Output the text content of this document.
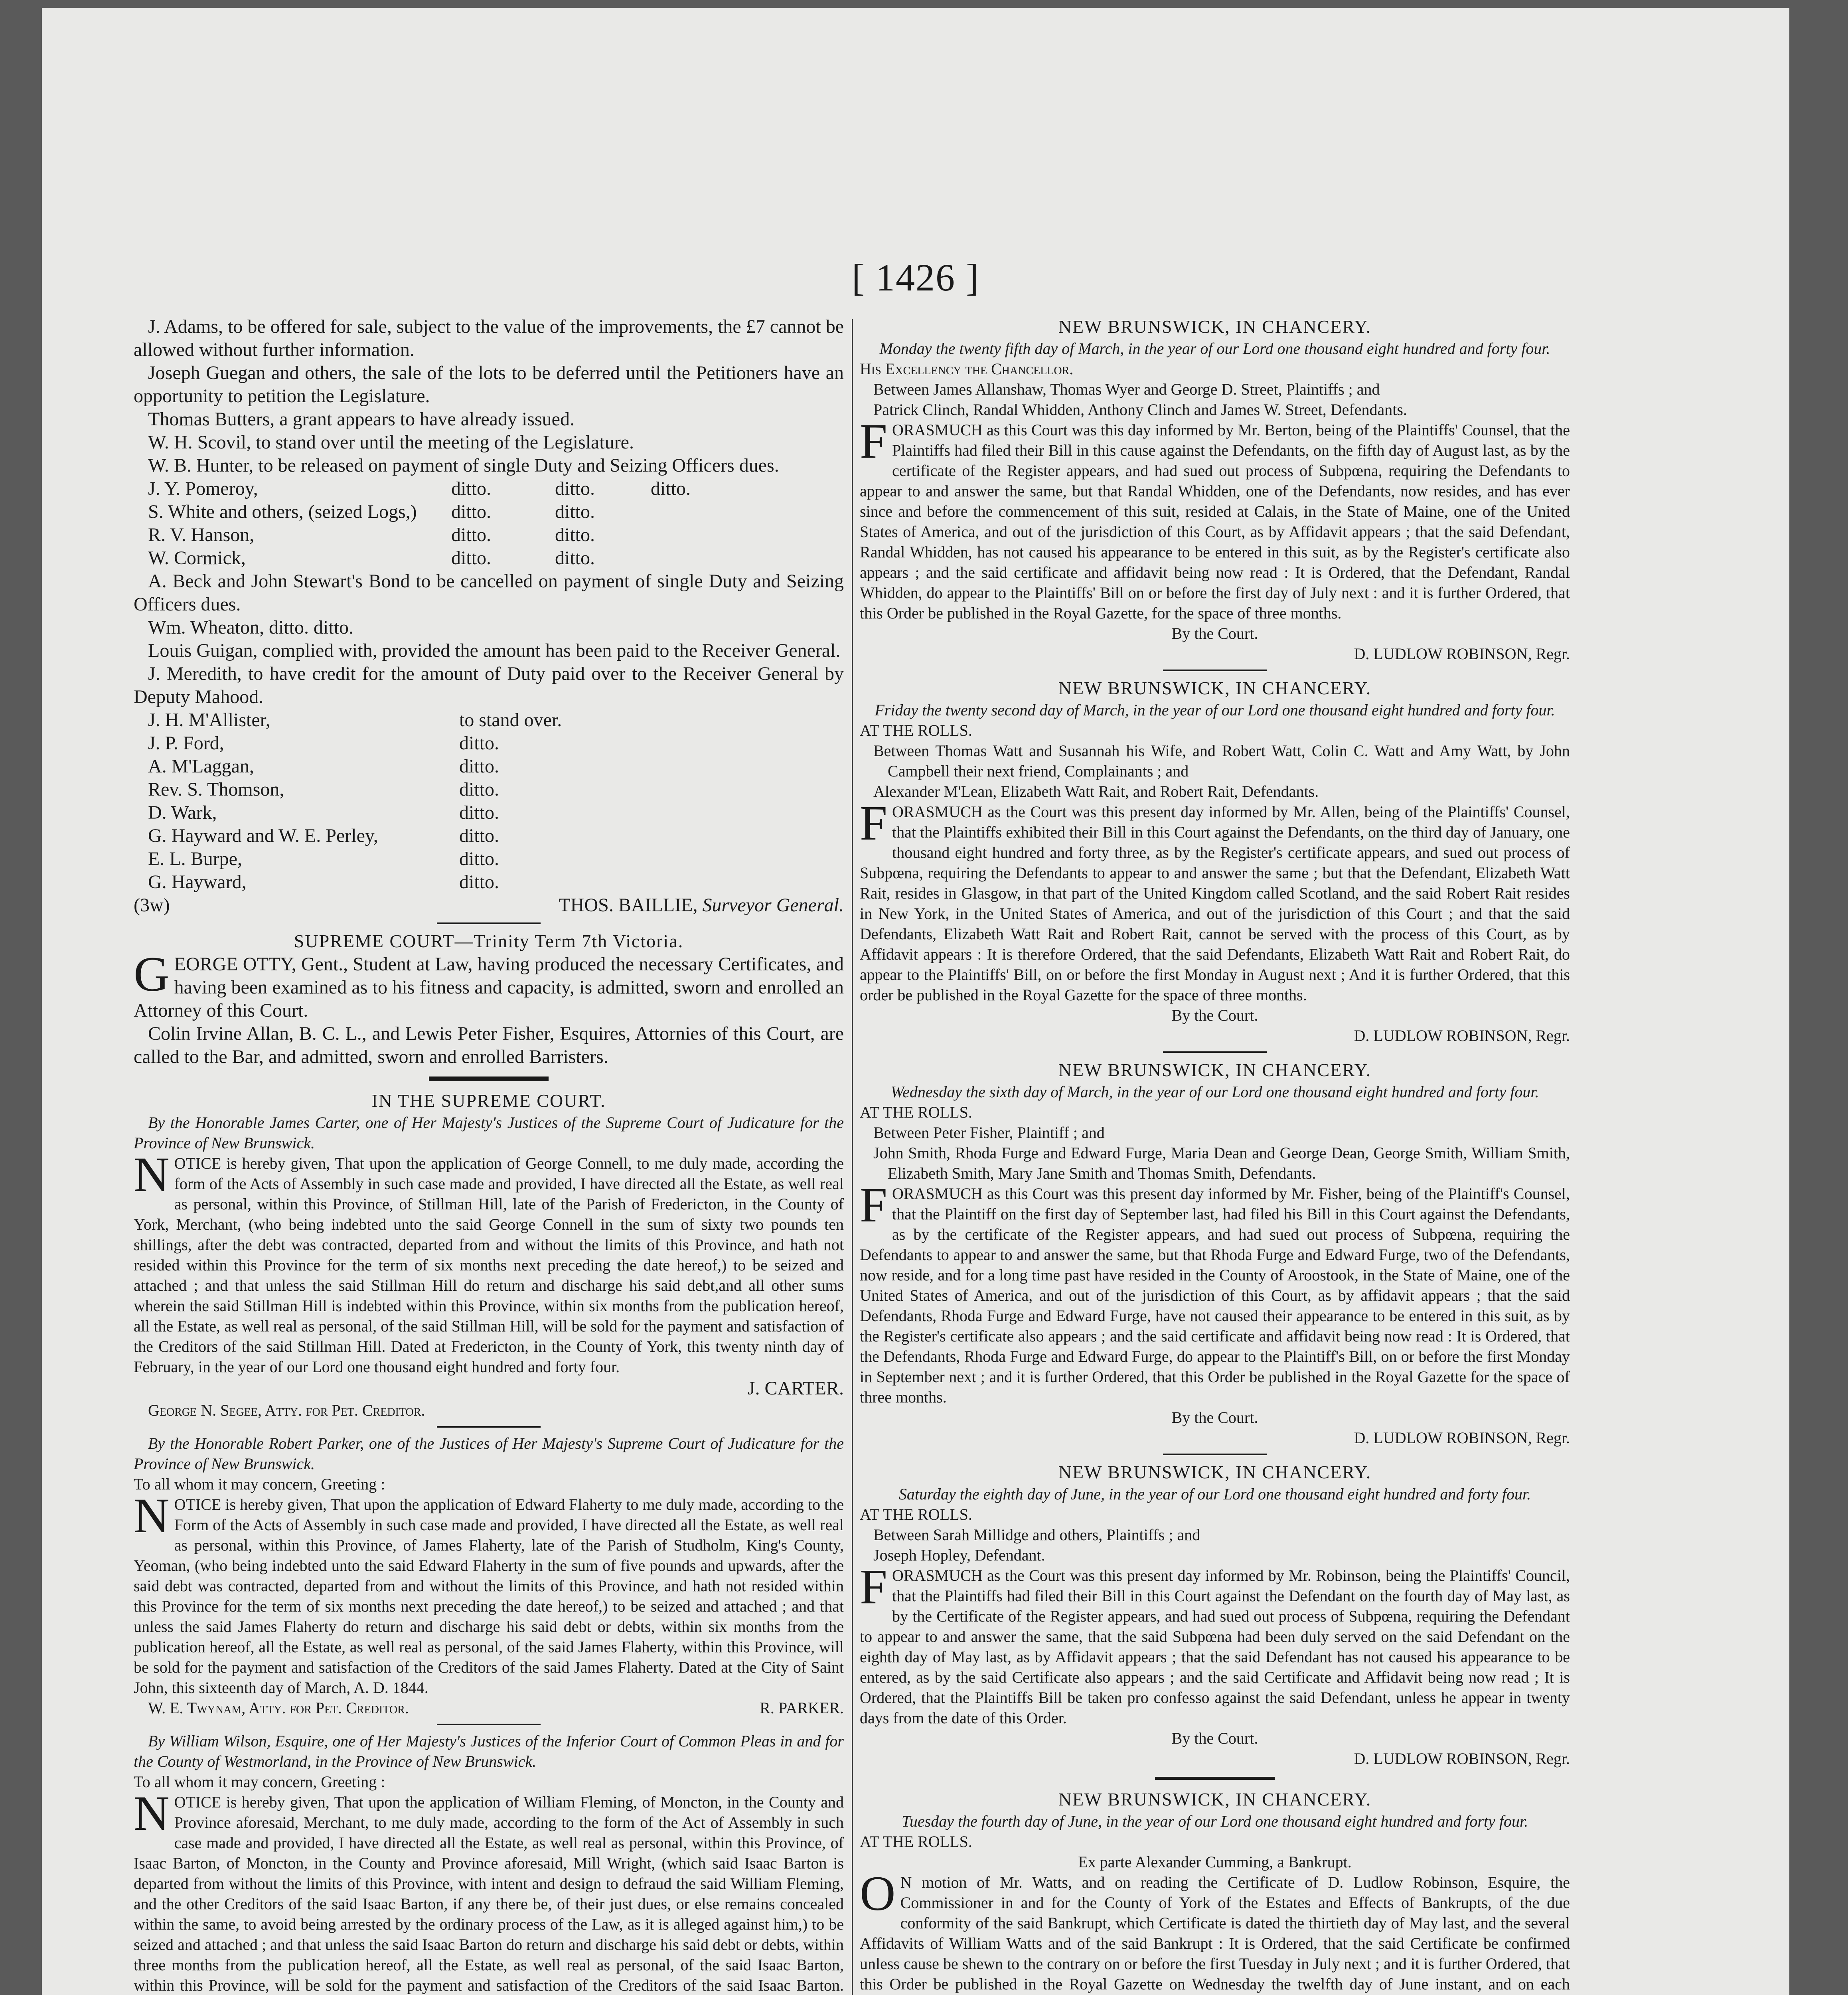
[ 1426 ]

J. Adams, to be offered for sale, subject to the value of the improvements, the £7 cannot be allowed without further information.

Joseph Guegan and others, the sale of the lots to be deferred until the Petitioners have an opportunity to petition the Legislature.

Thomas Butters, a grant appears to have already issued.

W. H. Scovil, to stand over until the meeting of the Legislature.

W. B. Hunter, to be released on payment of single Duty and Seizing Officers dues.

J. Y. Pomeroy,	ditto.	ditto.	ditto.
S. White and others, (seized Logs,)	ditto.	ditto.
R. V. Hanson,	ditto.	ditto.
W. Cormick,	ditto.	ditto.

A. Beck and John Stewart's Bond to be cancelled on payment of single Duty and Seizing Officers dues.

Wm. Wheaton, ditto. ditto.

Louis Guigan, complied with, provided the amount has been paid to the Receiver General.

J. Meredith, to have credit for the amount of Duty paid over to the Receiver General by Deputy Mahood.

J. H. M'Allister,	to stand over.
J. P. Ford,	ditto.
A. M'Laggan,	ditto.
Rev. S. Thomson,	ditto.
D. Wark,	ditto.
G. Hayward and W. E. Perley,	ditto.
E. L. Burpe,	ditto.
G. Hayward,	ditto.
(3w)	THOS. BAILLIE, Surveyor General.

SUPREME COURT—Trinity Term 7th Victoria.

GEORGE OTTY, Gent., Student at Law, having produced the necessary Certificates, and having been examined as to his fitness and capacity, is admitted, sworn and enrolled an Attorney of this Court.

Colin Irvine Allan, B. C. L., and Lewis Peter Fisher, Esquires, Attornies of this Court, are called to the Bar, and admitted, sworn and enrolled Barristers.

IN THE SUPREME COURT.

By the Honorable James Carter, one of Her Majesty's Justices of the Supreme Court of Judicature for the Province of New Brunswick.

NOTICE is hereby given, That upon the application of George Connell, to me duly made, according the form of the Acts of Assembly in such case made and provided, I have directed all the Estate, as well real as personal, within this Province, of Stillman Hill, late of the Parish of Fredericton, in the County of York, Merchant, (who being indebted unto the said George Connell in the sum of sixty two pounds ten shillings, after the debt was contracted, departed from and without the limits of this Province, and hath not resided within this Province for the term of six months next preceding the date hereof,) to be seized and attached ; and that unless the said Stillman Hill do return and discharge his said debt,and all other sums wherein the said Stillman Hill is indebted within this Province, within six months from the publication hereof, all the Estate, as well real as personal, of the said Stillman Hill, will be sold for the payment and satisfaction of the Creditors of the said Stillman Hill. Dated at Fredericton, in the County of York, this twenty ninth day of February, in the year of our Lord one thousand eight hundred and forty four.

J. CARTER.

George N. Segee, Atty. for Pet. Creditor.

By the Honorable Robert Parker, one of the Justices of Her Majesty's Supreme Court of Judicature for the Province of New Brunswick.

To all whom it may concern, Greeting :

NOTICE is hereby given, That upon the application of Edward Flaherty to me duly made, according to the Form of the Acts of Assembly in such case made and provided, I have directed all the Estate, as well real as personal, within this Province, of James Flaherty, late of the Parish of Studholm, King's County, Yeoman, (who being indebted unto the said Edward Flaherty in the sum of five pounds and upwards, after the said debt was contracted, departed from and without the limits of this Province, and hath not resided within this Province for the term of six months next preceding the date hereof,) to be seized and attached ; and that unless the said James Flaherty do return and discharge his said debt or debts, within six months from the publication hereof, all the Estate, as well real as personal, of the said James Flaherty, within this Province, will be sold for the payment and satisfaction of the Creditors of the said James Flaherty. Dated at the City of Saint John, this sixteenth day of March, A. D. 1844.

W. E. Twynam, Atty. for Pet. Creditor.	R. PARKER.

By William Wilson, Esquire, one of Her Majesty's Justices of the Inferior Court of Common Pleas in and for the County of Westmorland, in the Province of New Brunswick.

To all whom it may concern, Greeting :

NOTICE is hereby given, That upon the application of William Fleming, of Moncton, in the County and Province aforesaid, Merchant, to me duly made, according to the form of the Act of Assembly in such case made and provided, I have directed all the Estate, as well real as personal, within this Province, of Isaac Barton, of Moncton, in the County and Province aforesaid, Mill Wright, (which said Isaac Barton is departed from without the limits of this Province, with intent and design to defraud the said William Fleming, and the other Creditors of the said Isaac Barton, if any there be, of their just dues, or else remains concealed within the same, to avoid being arrested by the ordinary process of the Law, as it is alleged against him,) to be seized and attached ; and that unless the said Isaac Barton do return and discharge his said debt or debts, within three months from the publication hereof, all the Estate, as well real as personal, of the said Isaac Barton, within this Province, will be sold for the payment and satisfaction of the Creditors of the said Isaac Barton.

NEW BRUNSWICK, IN CHANCERY.

Monday the twenty fifth day of March, in the year of our Lord one thousand eight hundred and forty four.

His Excellency the Chancellor.

Between James Allanshaw, Thomas Wyer and George D. Street, Plaintiffs ; and

Patrick Clinch, Randal Whidden, Anthony Clinch and James W. Street, Defendants.

FORASMUCH as this Court was this day informed by Mr. Berton, being of the Plaintiffs' Counsel, that the Plaintiffs had filed their Bill in this cause against the Defendants, on the fifth day of August last, as by the certificate of the Register appears, and had sued out process of Subpœna, requiring the Defendants to appear to and answer the same, but that Randal Whidden, one of the Defendants, now resides, and has ever since and before the commencement of this suit, resided at Calais, in the State of Maine, one of the United States of America, and out of the jurisdiction of this Court, as by Affidavit appears ; that the said Defendant, Randal Whidden, has not caused his appearance to be entered in this suit, as by the Register's certificate also appears ; and the said certificate and affidavit being now read : It is Ordered, that the Defendant, Randal Whidden, do appear to the Plaintiffs' Bill on or before the first day of July next : and it is further Ordered, that this Order be published in the Royal Gazette, for the space of three months.

By the Court.

D. LUDLOW ROBINSON, Regr.

NEW BRUNSWICK, IN CHANCERY.

Friday the twenty second day of March, in the year of our Lord one thousand eight hundred and forty four.

AT THE ROLLS.

Between Thomas Watt and Susannah his Wife, and Robert Watt, Colin C. Watt and Amy Watt, by John Campbell their next friend, Complainants ; and

Alexander M'Lean, Elizabeth Watt Rait, and Robert Rait, Defendants.

FORASMUCH as the Court was this present day informed by Mr. Allen, being of the Plaintiffs' Counsel, that the Plaintiffs exhibited their Bill in this Court against the Defendants, on the third day of January, one thousand eight hundred and forty three, as by the Register's certificate appears, and sued out process of Subpœna, requiring the Defendants to appear to and answer the same ; but that the Defendant, Elizabeth Watt Rait, resides in Glasgow, in that part of the United Kingdom called Scotland, and the said Robert Rait resides in New York, in the United States of America, and out of the jurisdiction of this Court ; and that the said Defendants, Elizabeth Watt Rait and Robert Rait, cannot be served with the process of this Court, as by Affidavit appears : It is therefore Ordered, that the said Defendants, Elizabeth Watt Rait and Robert Rait, do appear to the Plaintiffs' Bill, on or before the first Monday in August next ; And it is further Ordered, that this order be published in the Royal Gazette for the space of three months.

By the Court.

D. LUDLOW ROBINSON, Regr.

NEW BRUNSWICK, IN CHANCERY.

Wednesday the sixth day of March, in the year of our Lord one thousand eight hundred and forty four.

AT THE ROLLS.

Between Peter Fisher, Plaintiff ; and

John Smith, Rhoda Furge and Edward Furge, Maria Dean and George Dean, George Smith, William Smith, Elizabeth Smith, Mary Jane Smith and Thomas Smith, Defendants.

FORASMUCH as this Court was this present day informed by Mr. Fisher, being of the Plaintiff's Counsel, that the Plaintiff on the first day of September last, had filed his Bill in this Court against the Defendants, as by the certificate of the Register appears, and had sued out process of Subpœna, requiring the Defendants to appear to and answer the same, but that Rhoda Furge and Edward Furge, two of the Defendants, now reside, and for a long time past have resided in the County of Aroostook, in the State of Maine, one of the United States of America, and out of the jurisdiction of this Court, as by affidavit appears ; that the said Defendants, Rhoda Furge and Edward Furge, have not caused their appearance to be entered in this suit, as by the Register's certificate also appears ; and the said certificate and affidavit being now read : It is Ordered, that the Defendants, Rhoda Furge and Edward Furge, do appear to the Plaintiff's Bill, on or before the first Monday in September next ; and it is further Ordered, that this Order be published in the Royal Gazette for the space of three months.

By the Court.

D. LUDLOW ROBINSON, Regr.

NEW BRUNSWICK, IN CHANCERY.

Saturday the eighth day of June, in the year of our Lord one thousand eight hundred and forty four.

AT THE ROLLS.

Between Sarah Millidge and others, Plaintiffs ; and

Joseph Hopley, Defendant.

FORASMUCH as the Court was this present day informed by Mr. Robinson, being the Plaintiffs' Council, that the Plaintiffs had filed their Bill in this Court against the Defendant on the fourth day of May last, as by the Certificate of the Register appears, and had sued out process of Subpœna, requiring the Defendant to appear to and answer the same, that the said Subpœna had been duly served on the said Defendant on the eighth day of May last, as by Affidavit appears ; that the said Defendant has not caused his appearance to be entered, as by the said Certificate also appears ; and the said Certificate and Affidavit being now read ; It is Ordered, that the Plaintiffs Bill be taken pro confesso against the said Defendant, unless he appear in twenty days from the date of this Order.

By the Court.

D. LUDLOW ROBINSON, Regr.

NEW BRUNSWICK, IN CHANCERY.

Tuesday the fourth day of June, in the year of our Lord one thousand eight hundred and forty four.

AT THE ROLLS.

Ex parte Alexander Cumming, a Bankrupt.

O N motion of Mr. Watts, and on reading the Certificate of D. Ludlow Robinson, Esquire, the Commissioner in and for the County of York of the Estates and Effects of Bankrupts, of the due conformity of the said Bankrupt, which Certificate is dated the thirtieth day of May last, and the several Affidavits of William Watts and of the said Bankrupt : It is Ordered, that the said Certificate be confirmed unless cause be shewn to the contrary on or before the first Tuesday in July next ; and it is further Ordered, that this Order be published in the Royal Gazette on Wednesday the twelfth day of June instant, and on each
